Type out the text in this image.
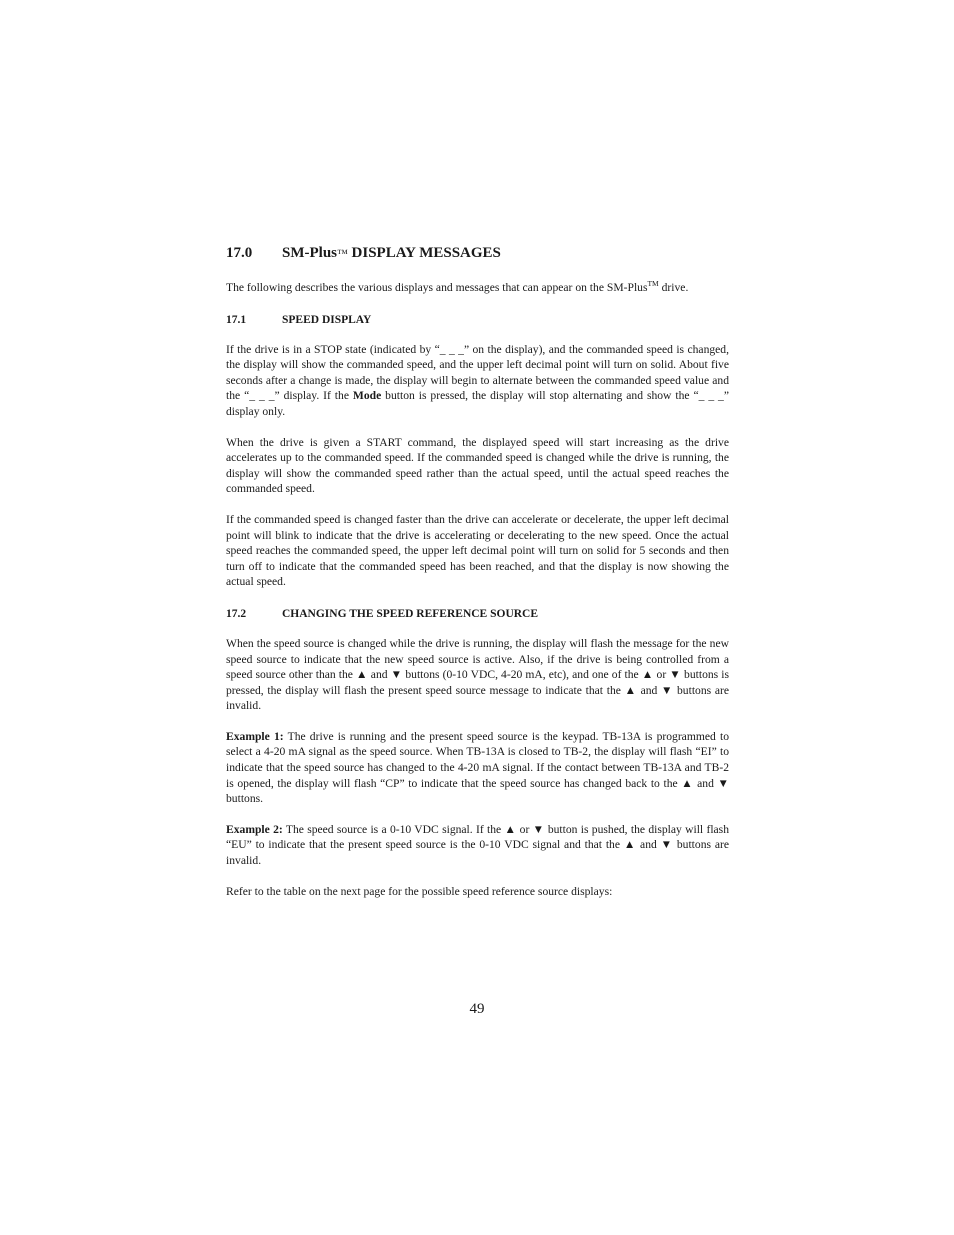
17.0	SM-Plus™ DISPLAY MESSAGES

The following describes the various displays and messages that can appear on the SM-Plus™ drive.

17.1	SPEED DISPLAY

If the drive is in a STOP state (indicated by “_ _ _” on the display), and the commanded speed is changed, the display will show the commanded speed, and the upper left decimal point will turn on solid. About five seconds after a change is made, the display will begin to alternate between the commanded speed value and the “_ _ _” display. If the Mode button is pressed, the display will stop alternating and show the “_ _ _” display only.

When the drive is given a START command, the displayed speed will start increasing as the drive accelerates up to the commanded speed. If the commanded speed is changed while the drive is running, the display will show the commanded speed rather than the actual speed, until the actual speed reaches the commanded speed.

If the commanded speed is changed faster than the drive can accelerate or decelerate, the upper left decimal point will blink to indicate that the drive is accelerating or decelerating to the new speed. Once the actual speed reaches the commanded speed, the upper left decimal point will turn on solid for 5 seconds and then turn off to indicate that the commanded speed has been reached, and that the display is now showing the actual speed.

17.2	CHANGING THE SPEED REFERENCE SOURCE

When the speed source is changed while the drive is running, the display will flash the message for the new speed source to indicate that the new speed source is active. Also, if the drive is being controlled from a speed source other than the ▲ and ▼ buttons (0-10 VDC, 4-20 mA, etc), and one of the ▲ or ▼ buttons is pressed, the display will flash the present speed source message to indicate that the ▲ and ▼ buttons are invalid.

Example 1: The drive is running and the present speed source is the keypad. TB-13A is programmed to select a 4-20 mA signal as the speed source. When TB-13A is closed to TB-2, the display will flash “EI” to indicate that the speed source has changed to the 4-20 mA signal. If the contact between TB-13A and TB-2 is opened, the display will flash “CP” to indicate that the speed source has changed back to the ▲ and ▼ buttons.

Example 2: The speed source is a 0-10 VDC signal. If the ▲ or ▼ button is pushed, the display will flash “EU” to indicate that the present speed source is the 0-10 VDC signal and that the ▲ and ▼ buttons are invalid.

Refer to the table on the next page for the possible speed reference source displays:

49
